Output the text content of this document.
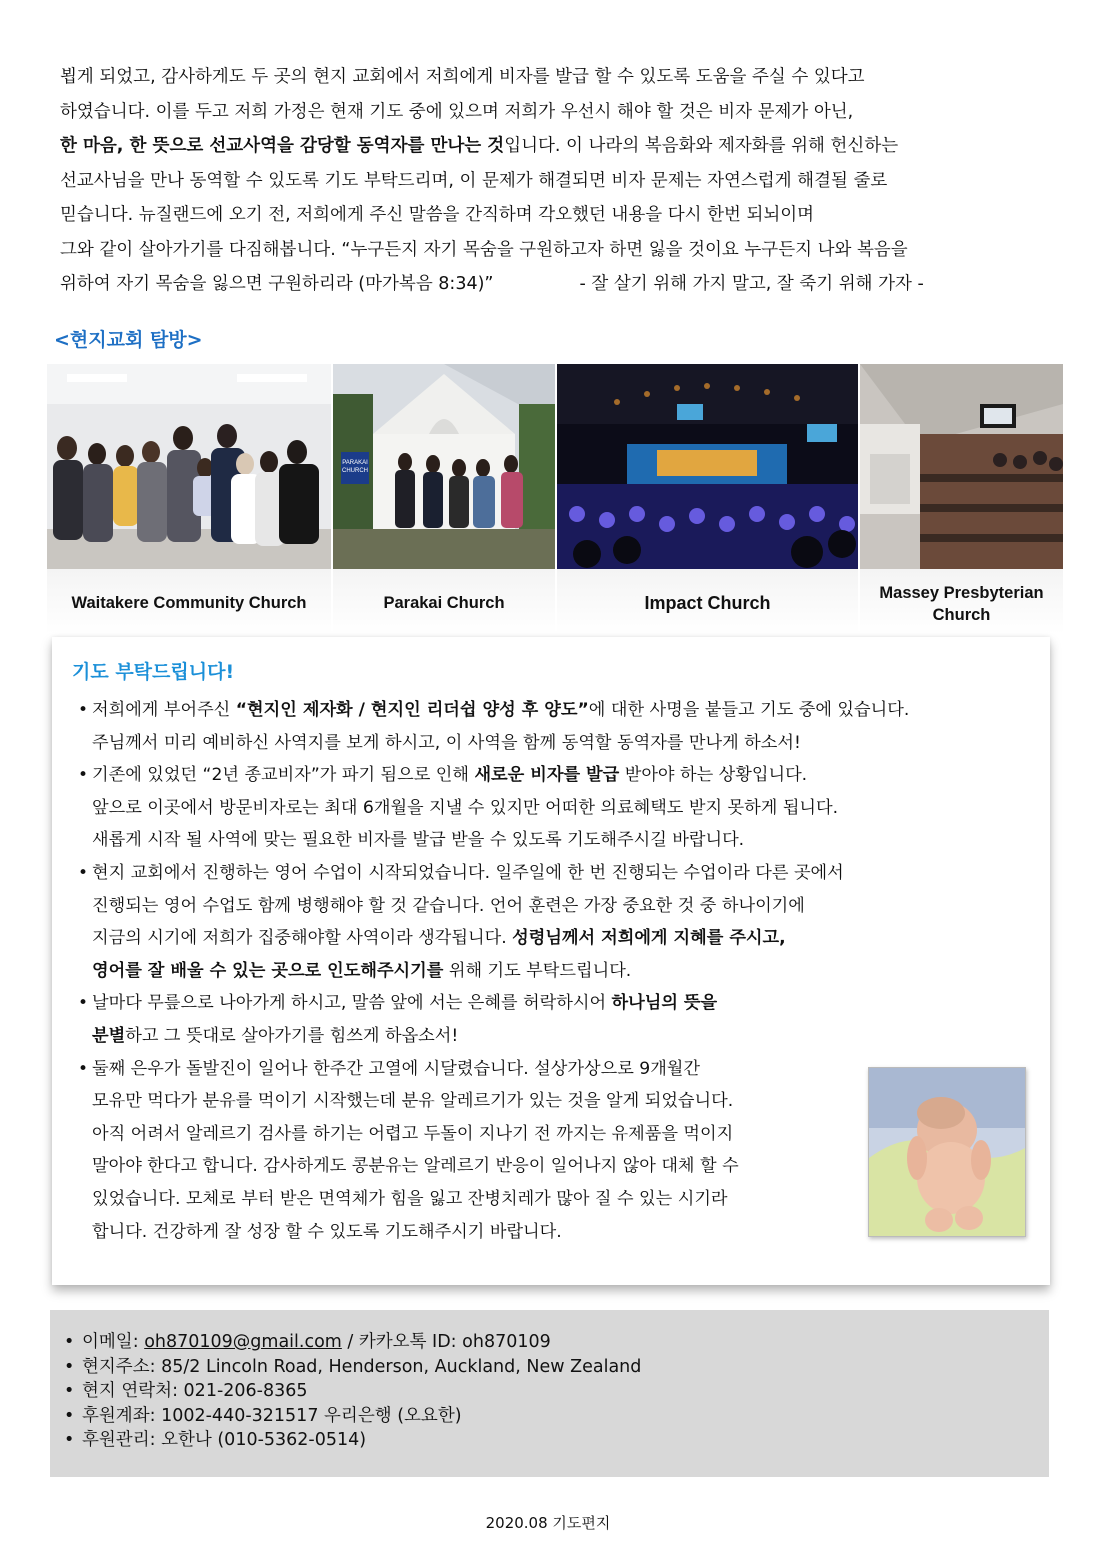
뵙게 되었고, 감사하게도 두 곳의 현지 교회에서 저희에게 비자를 발급 할 수 있도록 도움을 주실 수 있다고
하였습니다. 이를 두고 저희 가정은 현재 기도 중에 있으며 저희가 우선시 해야 할 것은 비자 문제가 아닌,
한 마음, 한 뜻으로 선교사역을 감당할 동역자를 만나는 것입니다. 이 나라의 복음화와 제자화를 위해 헌신하는
선교사님을 만나 동역할 수 있도록 기도 부탁드리며, 이 문제가 해결되면 비자 문제는 자연스럽게 해결될 줄로
믿습니다. 뉴질랜드에 오기 전, 저희에게 주신 말씀을 간직하며 각오했던 내용을 다시 한번 되뇌이며
그와 같이 살아가기를 다짐해봅니다. “누구든지 자기 목숨을 구원하고자 하면 잃을 것이요 누구든지 나와 복음을
위하여 자기 목숨을 잃으면 구원하리라 (마가복음 8:34)”	- 잘 살기 위해 가지 말고, 잘 죽기 위해 가자 -
<현지교회 탐방>
PARAKAI
CHURCH
Waitakere Community Church	Parakai Church	Impact Church	Massey Presbyterian Church
기도 부탁드립니다!
• 저희에게 부어주신 “현지인 제자화 / 현지인 리더쉽 양성 후 양도”에 대한 사명을 붙들고 기도 중에 있습니다.
주님께서 미리 예비하신 사역지를 보게 하시고, 이 사역을 함께 동역할 동역자를 만나게 하소서!
• 기존에 있었던 “2년 종교비자”가 파기 됨으로 인해 새로운 비자를 발급 받아야 하는 상황입니다.
앞으로 이곳에서 방문비자로는 최대 6개월을 지낼 수 있지만 어떠한 의료혜택도 받지 못하게 됩니다.
새롭게 시작 될 사역에 맞는 필요한 비자를 발급 받을 수 있도록 기도해주시길 바랍니다.
• 현지 교회에서 진행하는 영어 수업이 시작되었습니다. 일주일에 한 번 진행되는 수업이라 다른 곳에서
진행되는 영어 수업도 함께 병행해야 할 것 같습니다. 언어 훈련은 가장 중요한 것 중 하나이기에
지금의 시기에 저희가 집중해야할 사역이라 생각됩니다. 성령님께서 저희에게 지혜를 주시고,
영어를 잘 배울 수 있는 곳으로 인도해주시기를 위해 기도 부탁드립니다.
• 날마다 무릎으로 나아가게 하시고, 말씀 앞에 서는 은혜를 허락하시어 하나님의 뜻을
분별하고 그 뜻대로 살아가기를 힘쓰게 하옵소서!
• 둘째 은우가 돌발진이 일어나 한주간 고열에 시달렸습니다. 설상가상으로 9개월간
모유만 먹다가 분유를 먹이기 시작했는데 분유 알레르기가 있는 것을 알게 되었습니다.
아직 어려서 알레르기 검사를 하기는 어렵고 두돌이 지나기 전 까지는 유제품을 먹이지
말아야 한다고 합니다. 감사하게도 콩분유는 알레르기 반응이 일어나지 않아 대체 할 수
있었습니다. 모체로 부터 받은 면역체가 힘을 잃고 잔병치레가 많아 질 수 있는 시기라
합니다. 건강하게 잘 성장 할 수 있도록 기도해주시기 바랍니다.
• 이메일: oh870109@gmail.com / 카카오톡 ID: oh870109
• 현지주소: 85/2 Lincoln Road, Henderson, Auckland, New Zealand
• 현지 연락처: 021-206-8365
• 후원계좌: 1002-440-321517 우리은행 (오요한)
• 후원관리: 오한나 (010-5362-0514)
2020.08 기도편지
